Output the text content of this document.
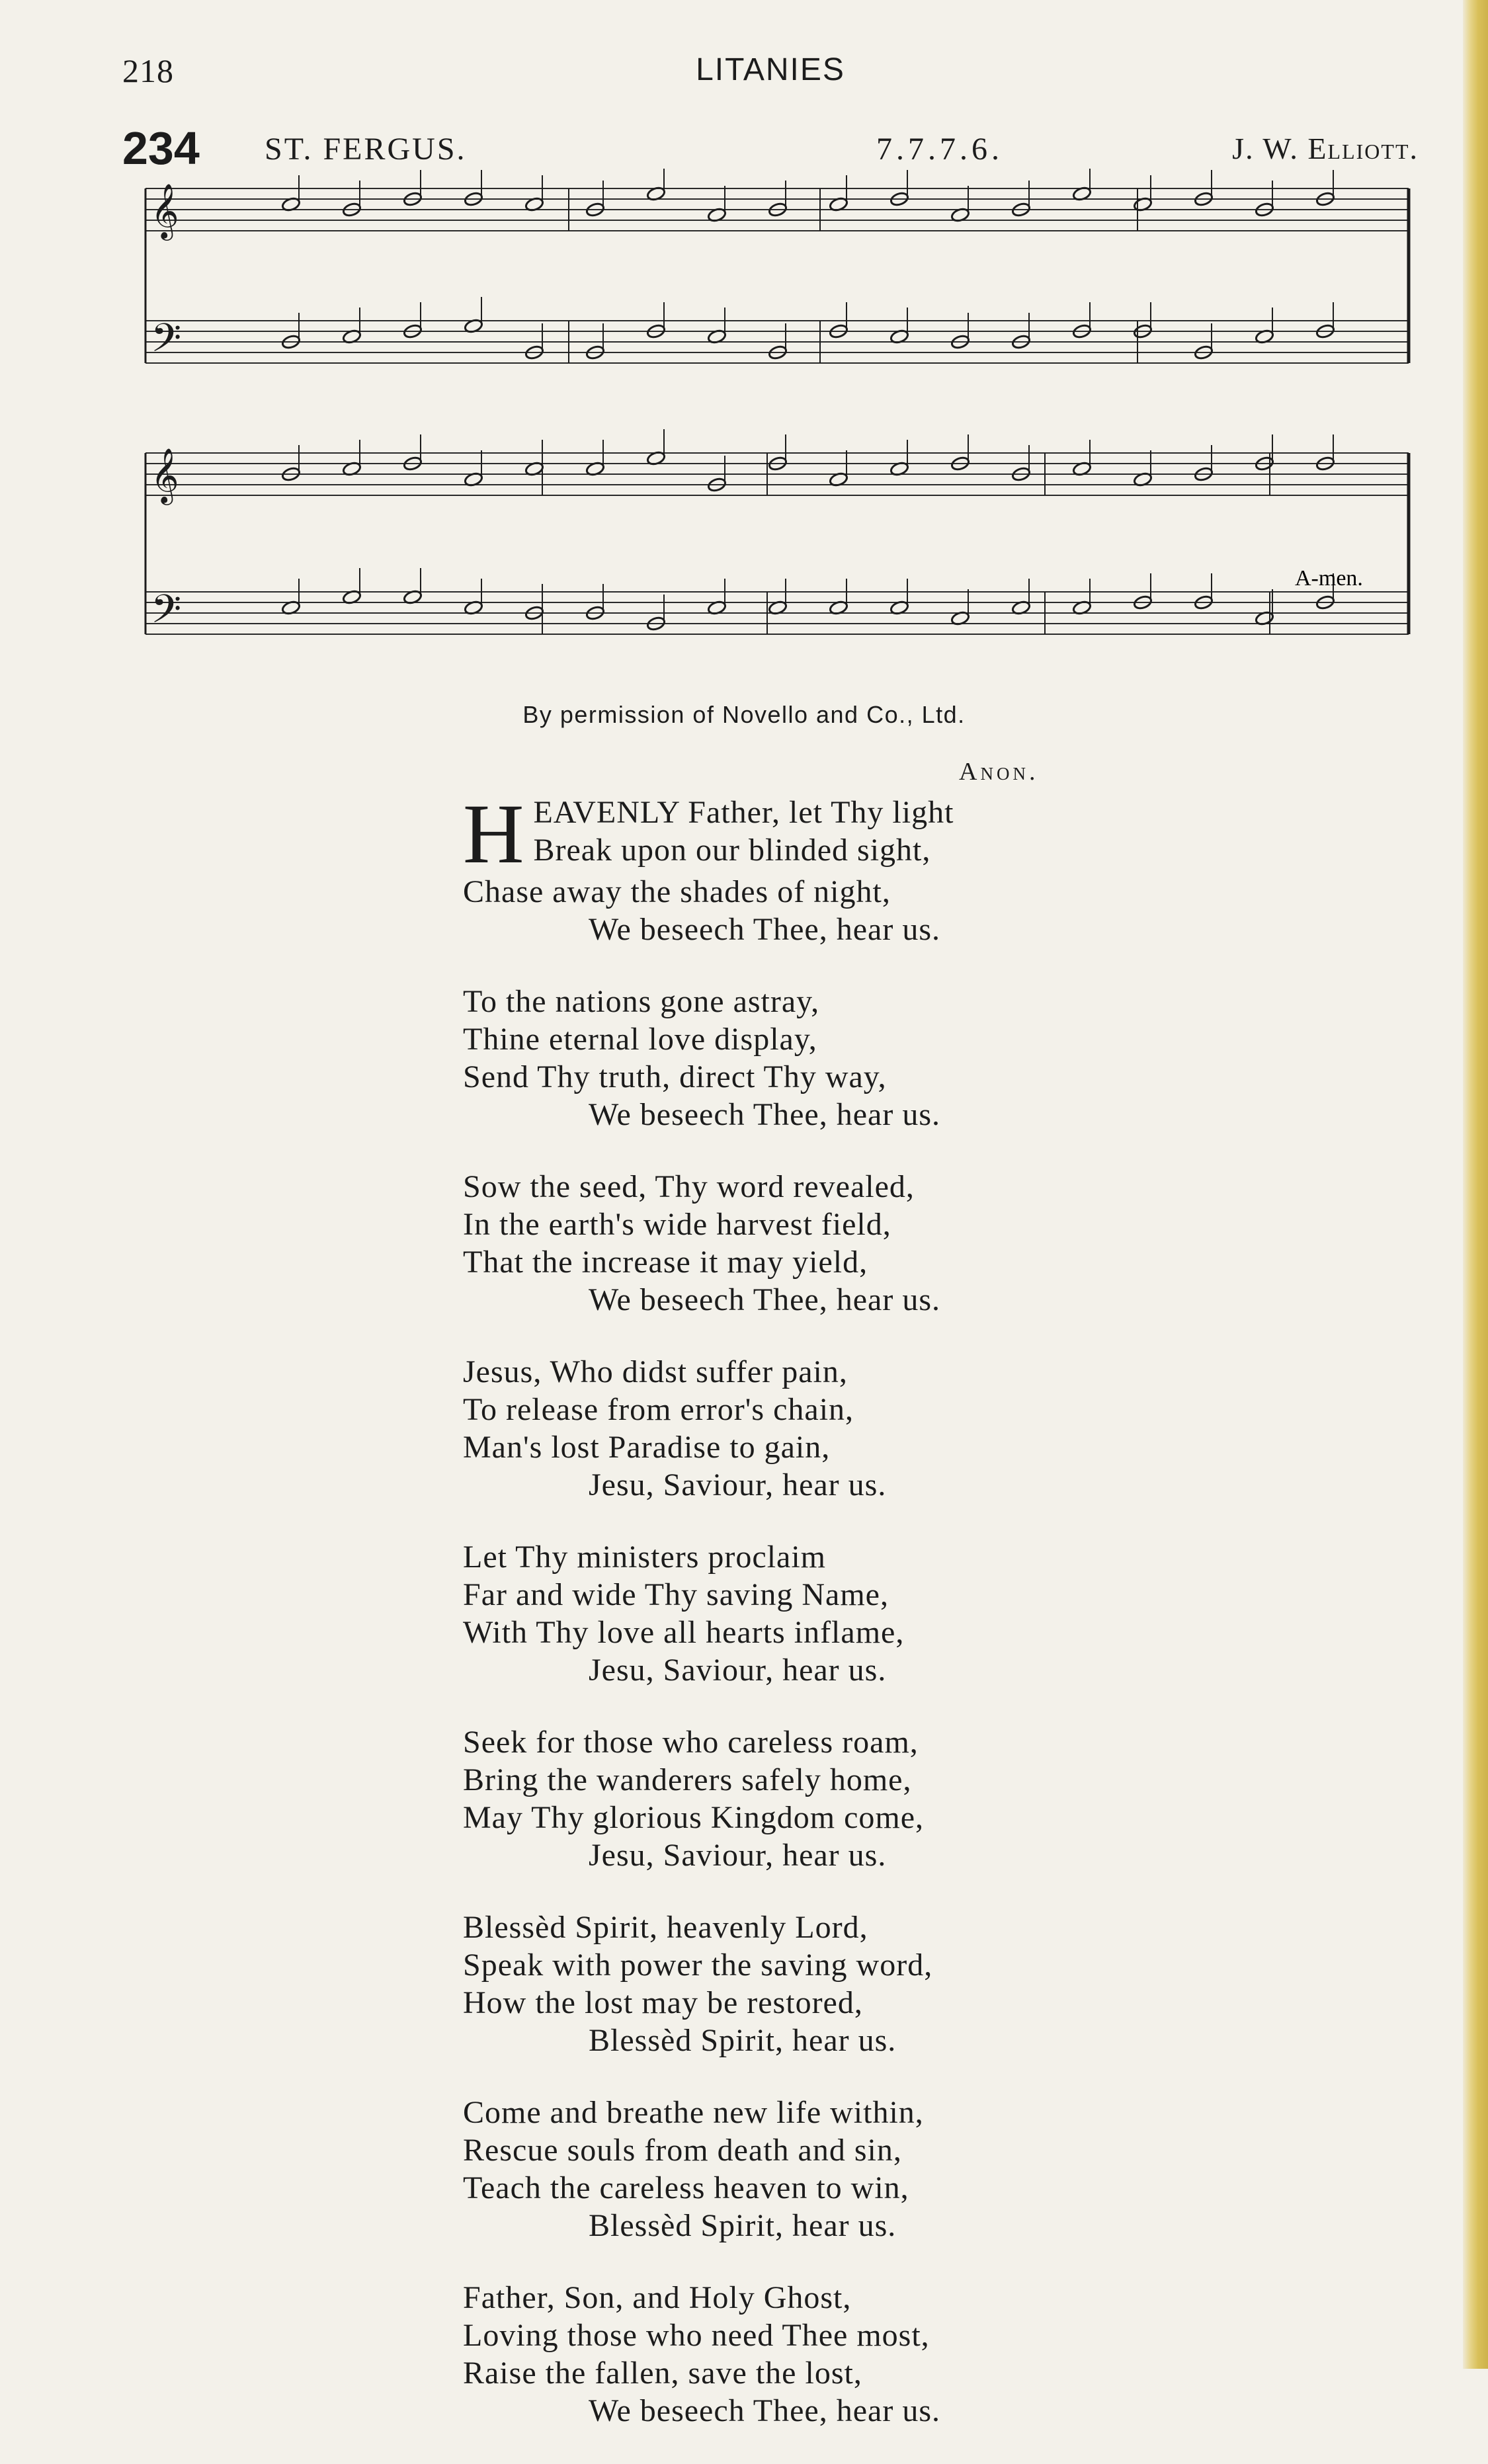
218	LITANIES
234 ST. FERGUS.	7.7.7.6.	J. W. Elliott.
𝄞
𝄢
𝄞
𝄢
A-men.
By permission of Novello and Co., Ltd.
Anon.
H EAVENLY Father, let Thy light
Break upon our blinded sight,
Chase away the shades of night,
We beseech Thee, hear us.
To the nations gone astray,
Thine eternal love display,
Send Thy truth, direct Thy way,
We beseech Thee, hear us.
Sow the seed, Thy word revealed,
In the earth's wide harvest field,
That the increase it may yield,
We beseech Thee, hear us.
Jesus, Who didst suffer pain,
To release from error's chain,
Man's lost Paradise to gain,
Jesu, Saviour, hear us.
Let Thy ministers proclaim
Far and wide Thy saving Name,
With Thy love all hearts inflame,
Jesu, Saviour, hear us.
Seek for those who careless roam,
Bring the wanderers safely home,
May Thy glorious Kingdom come,
Jesu, Saviour, hear us.
Blessèd Spirit, heavenly Lord,
Speak with power the saving word,
How the lost may be restored,
Blessèd Spirit, hear us.
Come and breathe new life within,
Rescue souls from death and sin,
Teach the careless heaven to win,
Blessèd Spirit, hear us.
Father, Son, and Holy Ghost,
Loving those who need Thee most,
Raise the fallen, save the lost,
We beseech Thee, hear us.
